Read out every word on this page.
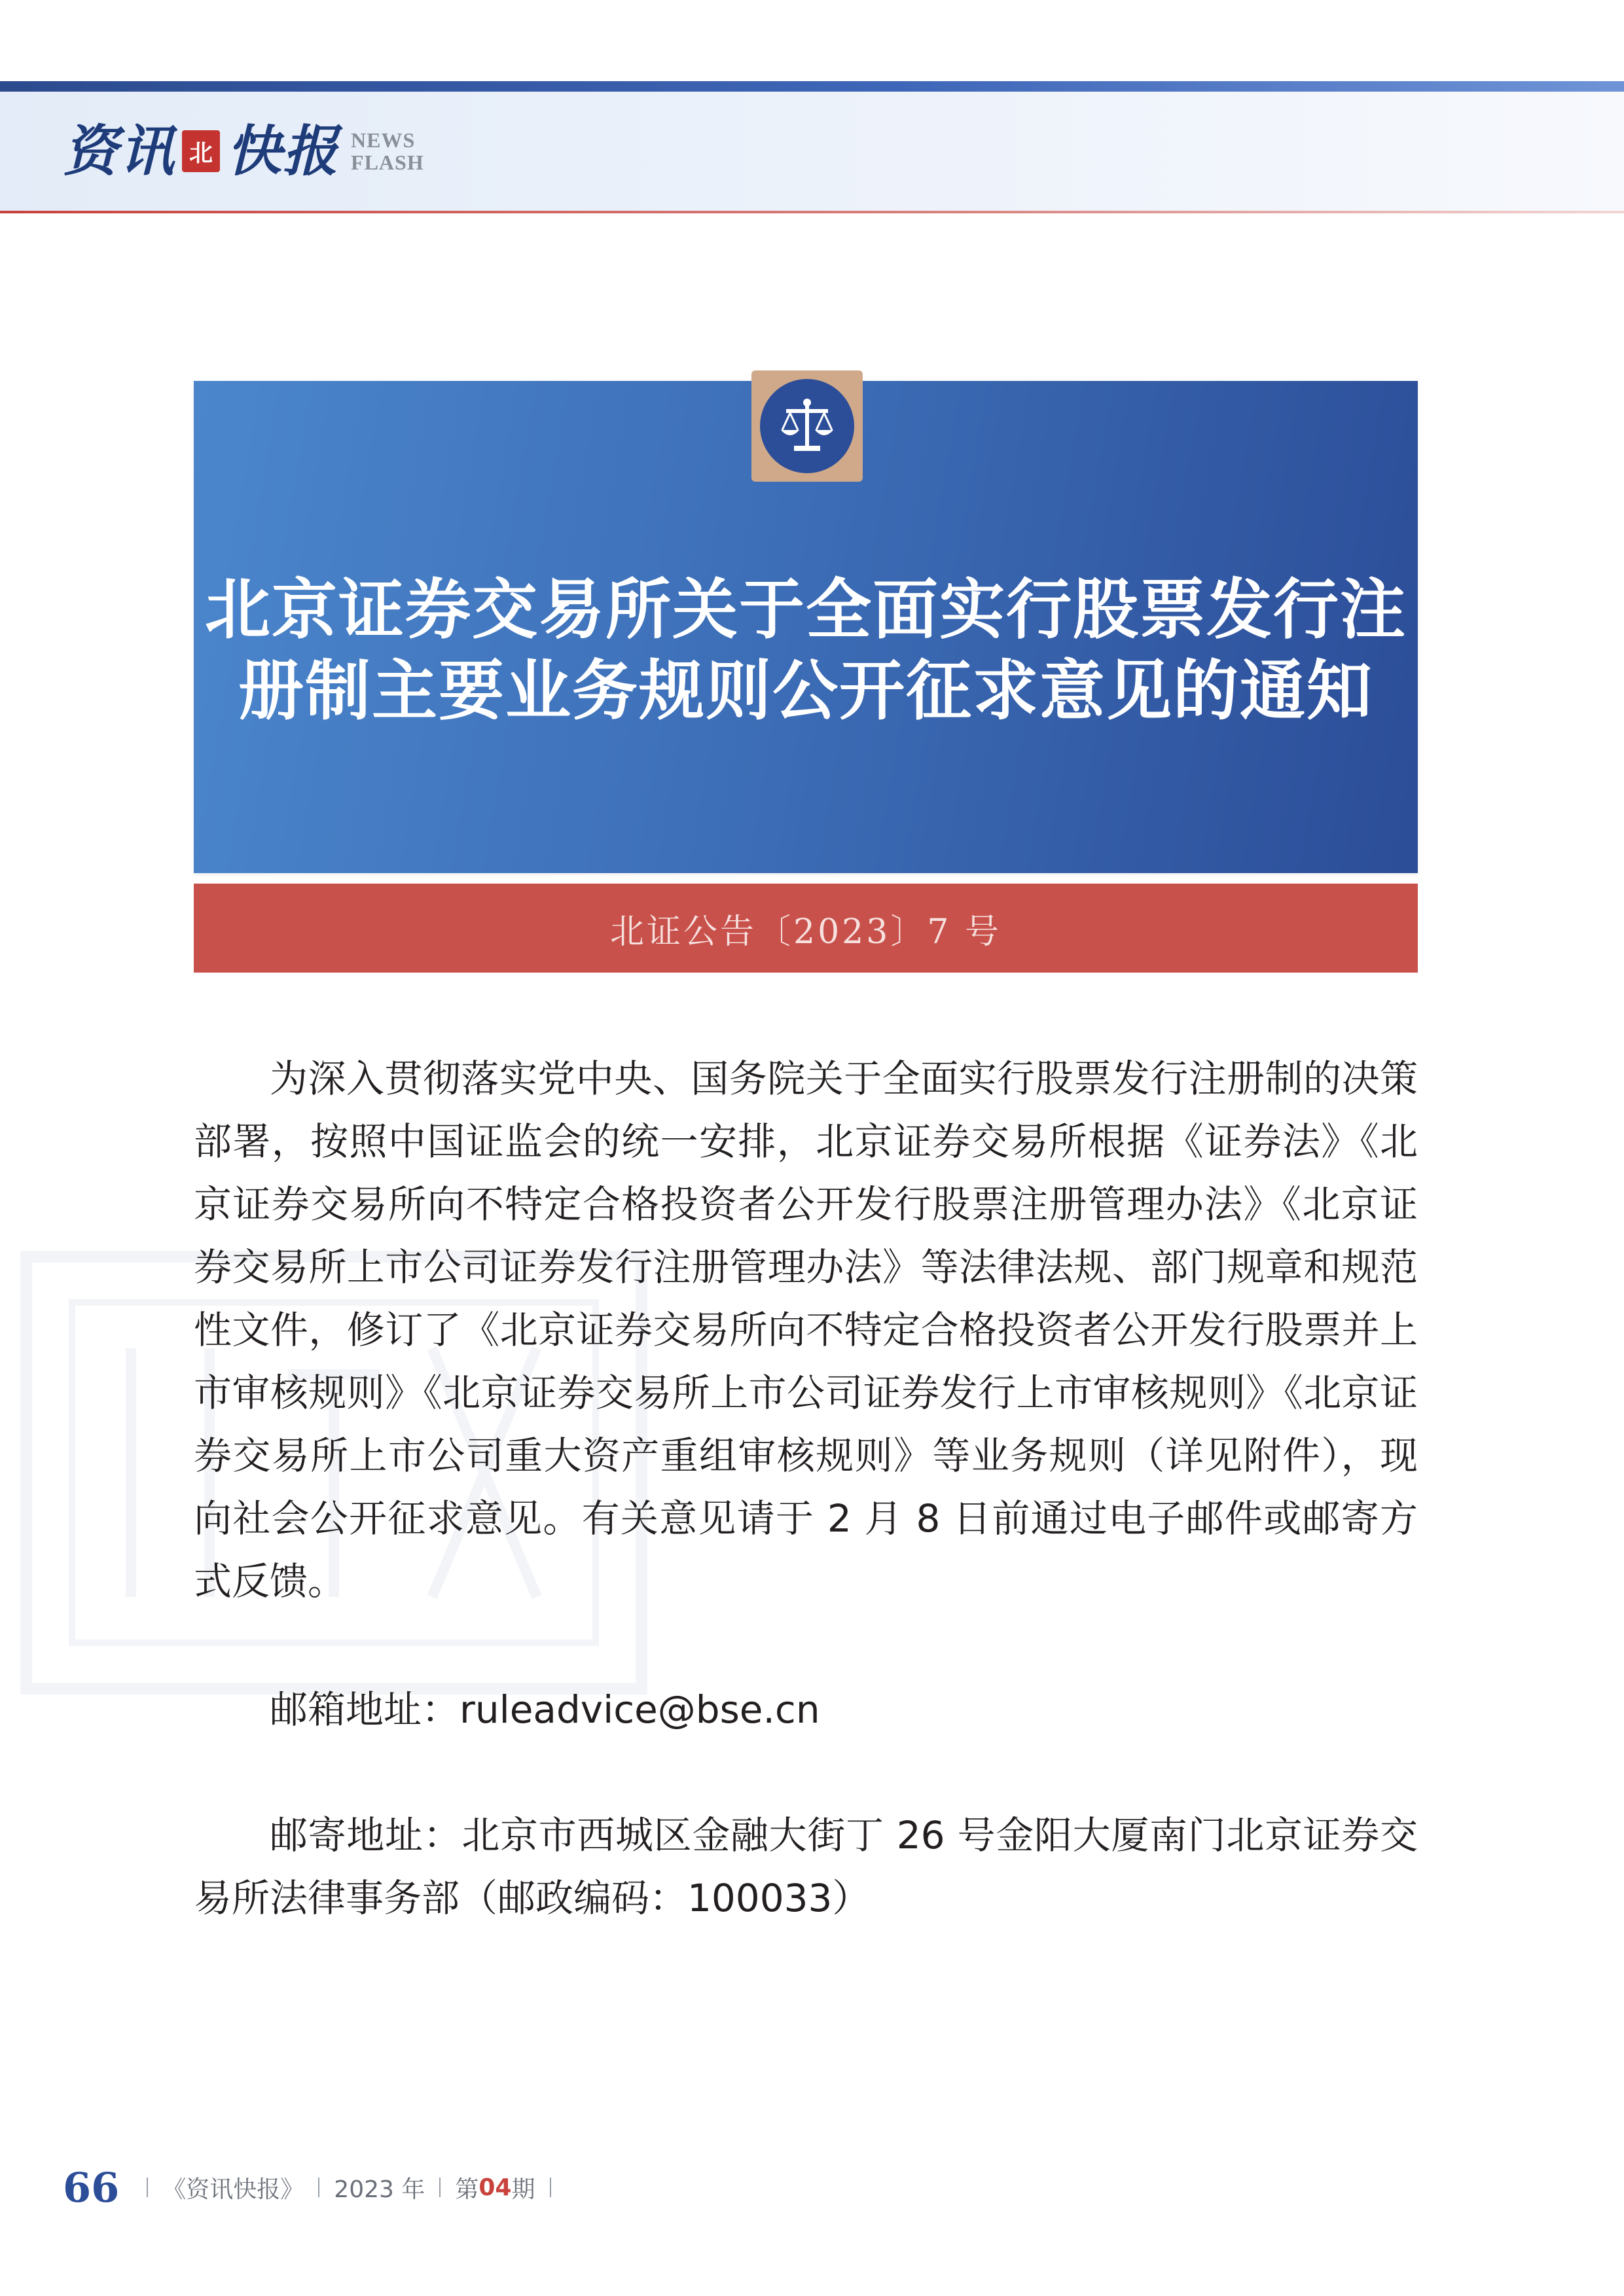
资讯 北 快报 NEWS
FLASH
北京证券交易所关于全面实行股票发行注册制主要业务规则公开征求意见的通知
北证公告〔2023〕7 号

为深入贯彻落实党中央、国务院关于全面实行股票发行注册制的决策部署，按照中国证监会的统一安排，北京证券交易所根据《证券法》《北京证券交易所向不特定合格投资者公开发行股票注册管理办法》《北京证券交易所上市公司证券发行注册管理办法》等法律法规、部门规章和规范性文件，修订了《北京证券交易所向不特定合格投资者公开发行股票并上市审核规则》《北京证券交易所上市公司证券发行上市审核规则》《北京证券交易所上市公司重大资产重组审核规则》等业务规则（详见附件），现向社会公开征求意见。有关意见请于 2 月 8 日前通过电子邮件或邮寄方式反馈。

邮箱地址：ruleadvice@bse.cn

邮寄地址：北京市西城区金融大街丁 26 号金阳大厦南门北京证券交易所法律事务部（邮政编码：100033）

66 《资讯快报》 2023 年 第 04 期
